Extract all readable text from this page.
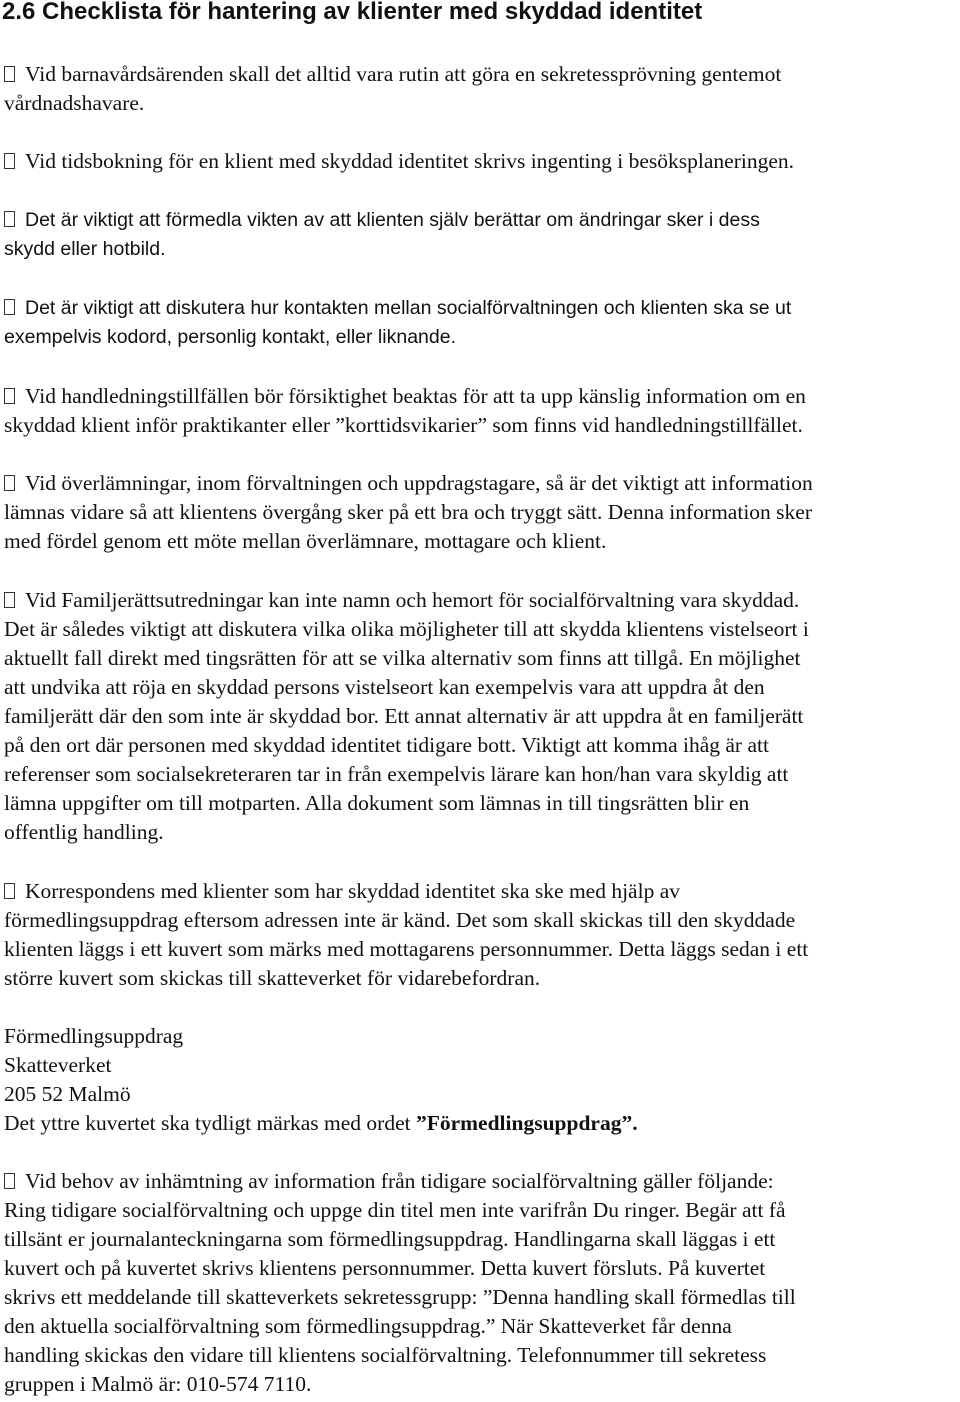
2.6 Checklista för hantering av klienter med skyddad identitet
Vid barnavårdsärenden skall det alltid vara rutin att göra en sekretessprövning gentemot
vårdnadshavare.
Vid tidsbokning för en klient med skyddad identitet skrivs ingenting i besöksplaneringen.
Det är viktigt att förmedla vikten av att klienten själv berättar om ändringar sker i dess
skydd eller hotbild.
Det är viktigt att diskutera hur kontakten mellan socialförvaltningen och klienten ska se ut
exempelvis kodord, personlig kontakt, eller liknande.
Vid handledningstillfällen bör försiktighet beaktas för att ta upp känslig information om en
skyddad klient inför praktikanter eller ”korttidsvikarier” som finns vid handledningstillfället.
Vid överlämningar, inom förvaltningen och uppdragstagare, så är det viktigt att information
lämnas vidare så att klientens övergång sker på ett bra och tryggt sätt. Denna information sker
med fördel genom ett möte mellan överlämnare, mottagare och klient.
Vid Familjerättsutredningar kan inte namn och hemort för socialförvaltning vara skyddad.
Det är således viktigt att diskutera vilka olika möjligheter till att skydda klientens vistelseort i
aktuellt fall direkt med tingsrätten för att se vilka alternativ som finns att tillgå. En möjlighet
att undvika att röja en skyddad persons vistelseort kan exempelvis vara att uppdra åt den
familjerätt där den som inte är skyddad bor. Ett annat alternativ är att uppdra åt en familjerätt
på den ort där personen med skyddad identitet tidigare bott. Viktigt att komma ihåg är att
referenser som socialsekreteraren tar in från exempelvis lärare kan hon/han vara skyldig att
lämna uppgifter om till motparten. Alla dokument som lämnas in till tingsrätten blir en
offentlig handling.
Korrespondens med klienter som har skyddad identitet ska ske med hjälp av
förmedlingsuppdrag eftersom adressen inte är känd. Det som skall skickas till den skyddade
klienten läggs i ett kuvert som märks med mottagarens personnummer. Detta läggs sedan i ett
större kuvert som skickas till skatteverket för vidarebefordran.
Förmedlingsuppdrag
Skatteverket
205 52 Malmö
Det yttre kuvertet ska tydligt märkas med ordet ”Förmedlingsuppdrag”.
Vid behov av inhämtning av information från tidigare socialförvaltning gäller följande:
Ring tidigare socialförvaltning och uppge din titel men inte varifrån Du ringer. Begär att få
tillsänt er journalanteckningarna som förmedlingsuppdrag. Handlingarna skall läggas i ett
kuvert och på kuvertet skrivs klientens personnummer. Detta kuvert försluts. På kuvertet
skrivs ett meddelande till skatteverkets sekretessgrupp: ”Denna handling skall förmedlas till
den aktuella socialförvaltning som förmedlingsuppdrag.” När Skatteverket får denna
handling skickas den vidare till klientens socialförvaltning. Telefonnummer till sekretess
gruppen i Malmö är: 010-574 7110.
